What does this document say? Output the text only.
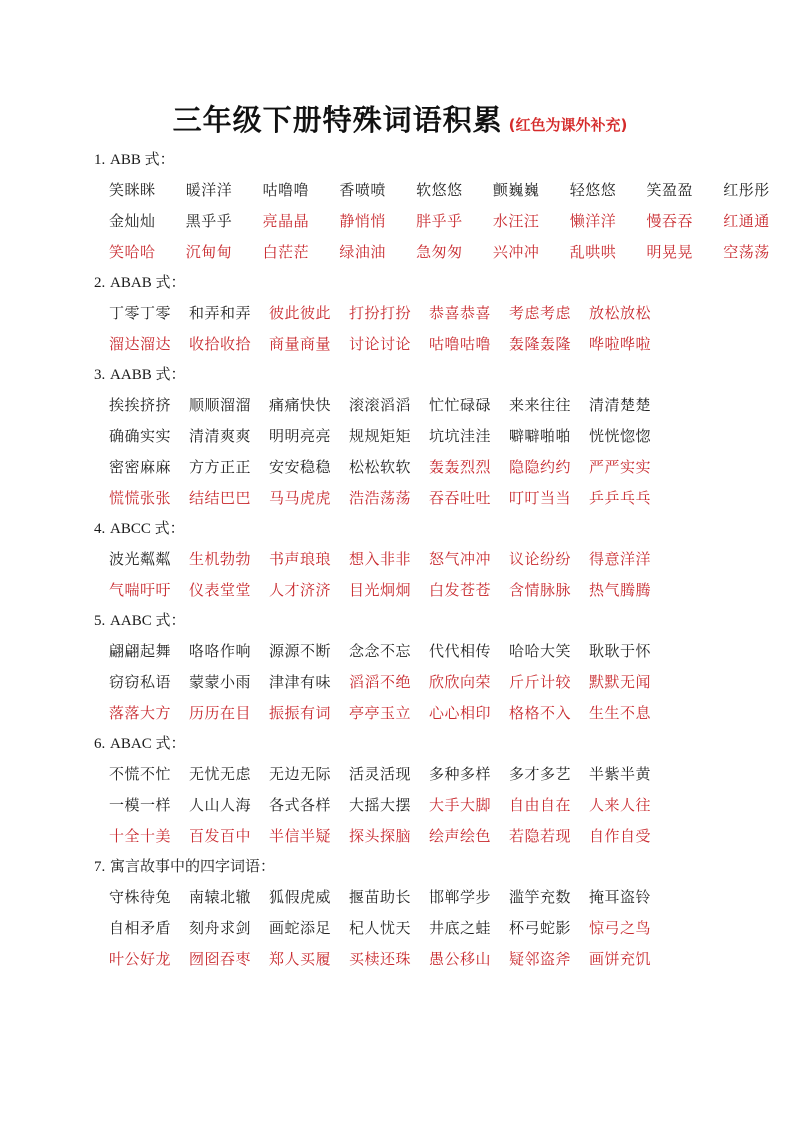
三年级下册特殊词语积累 (红色为课外补充)
1. ABB 式：
笑眯眯	暖洋洋	咕噜噜	香喷喷	软悠悠	颤巍巍	轻悠悠	笑盈盈	红彤彤
金灿灿	黑乎乎	亮晶晶	静悄悄	胖乎乎	水汪汪	懒洋洋	慢吞吞	红通通
笑哈哈	沉甸甸	白茫茫	绿油油	急匆匆	兴冲冲	乱哄哄	明晃晃	空荡荡
2. ABAB 式：
丁零丁零	和弄和弄	彼此彼此	打扮打扮	恭喜恭喜	考虑考虑	放松放松
溜达溜达	收拾收拾	商量商量	讨论讨论	咕噜咕噜	轰隆轰隆	哗啦哗啦
3. AABB 式：
挨挨挤挤	顺顺溜溜	痛痛快快	滚滚滔滔	忙忙碌碌	来来往往	清清楚楚
确确实实	清清爽爽	明明亮亮	规规矩矩	坑坑洼洼	噼噼啪啪	恍恍惚惚
密密麻麻	方方正正	安安稳稳	松松软软	轰轰烈烈	隐隐约约	严严实实
慌慌张张	结结巴巴	马马虎虎	浩浩荡荡	吞吞吐吐	叮叮当当	乒乒乓乓
4. ABCC 式：
波光粼粼	生机勃勃	书声琅琅	想入非非	怒气冲冲	议论纷纷	得意洋洋
气喘吁吁	仪表堂堂	人才济济	目光炯炯	白发苍苍	含情脉脉	热气腾腾
5. AABC 式：
翩翩起舞	咯咯作响	源源不断	念念不忘	代代相传	哈哈大笑	耿耿于怀
窃窃私语	蒙蒙小雨	津津有味	滔滔不绝	欣欣向荣	斤斤计较	默默无闻
落落大方	历历在目	振振有词	亭亭玉立	心心相印	格格不入	生生不息
6. ABAC 式：
不慌不忙	无忧无虑	无边无际	活灵活现	多种多样	多才多艺	半紫半黄
一模一样	人山人海	各式各样	大摇大摆	大手大脚	自由自在	人来人往
十全十美	百发百中	半信半疑	探头探脑	绘声绘色	若隐若现	自作自受
7. 寓言故事中的四字词语：
守株待兔	南辕北辙	狐假虎威	揠苗助长	邯郸学步	滥竽充数	掩耳盗铃
自相矛盾	刻舟求剑	画蛇添足	杞人忧天	井底之蛙	杯弓蛇影	惊弓之鸟
叶公好龙	囫囵吞枣	郑人买履	买椟还珠	愚公移山	疑邻盗斧	画饼充饥
